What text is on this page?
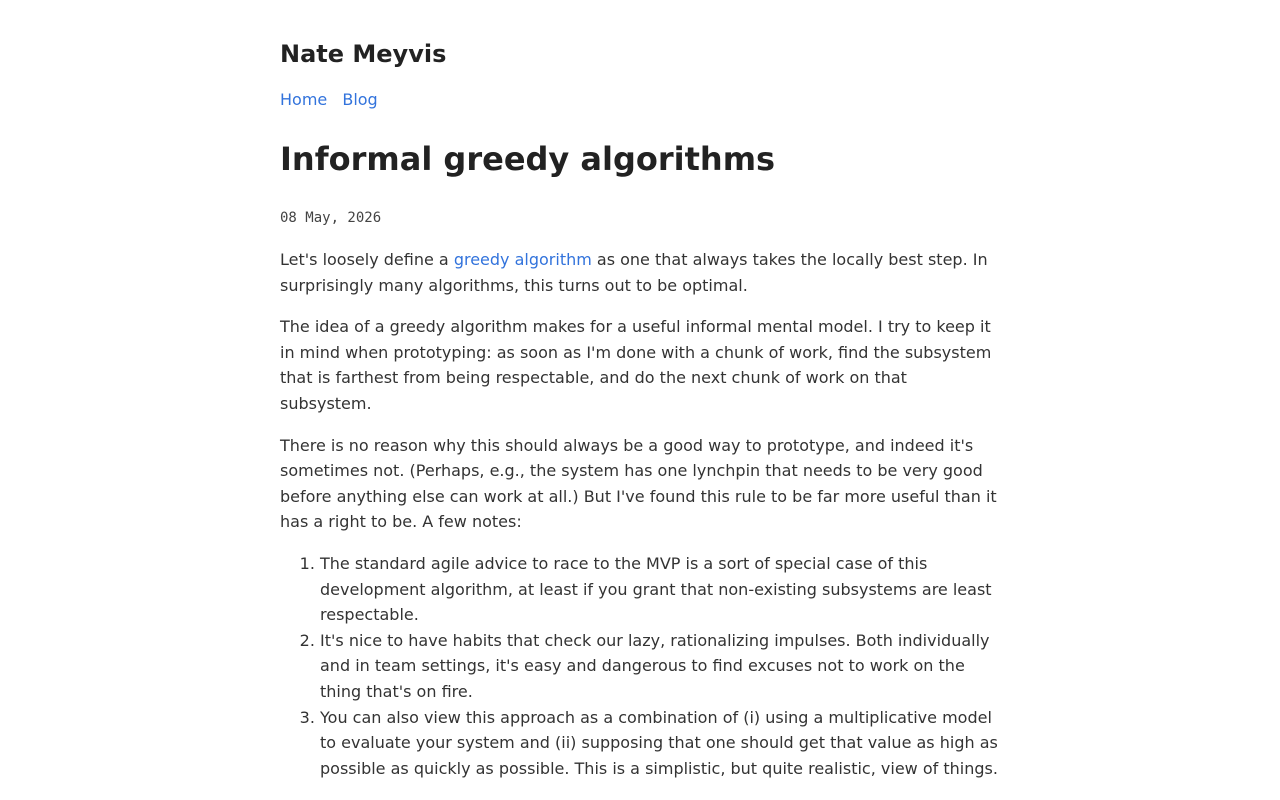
Nate Meyvis
Home Blog
Informal greedy algorithms
08 May, 2026

Let's loosely define a greedy algorithm as one that always takes the locally best step. In surprisingly many algorithms, this turns out to be optimal.

The idea of a greedy algorithm makes for a useful informal mental model. I try to keep it in mind when prototyping: as soon as I'm done with a chunk of work, find the subsystem that is farthest from being respectable, and do the next chunk of work on that subsystem.

There is no reason why this should always be a good way to prototype, and indeed it's sometimes not. (Perhaps, e.g., the system has one lynchpin that needs to be very good before anything else can work at all.) But I've found this rule to be far more useful than it has a right to be. A few notes:

1. The standard agile advice to race to the MVP is a sort of special case of this development algorithm, at least if you grant that non-existing subsystems are least respectable.
2. It's nice to have habits that check our lazy, rationalizing impulses. Both individually and in team settings, it's easy and dangerous to find excuses not to work on the thing that's on fire.
3. You can also view this approach as a combination of (i) using a multiplicative model to evaluate your system and (ii) supposing that one should get that value as high as possible as quickly as possible. This is a simplistic, but quite realistic, view of things.
